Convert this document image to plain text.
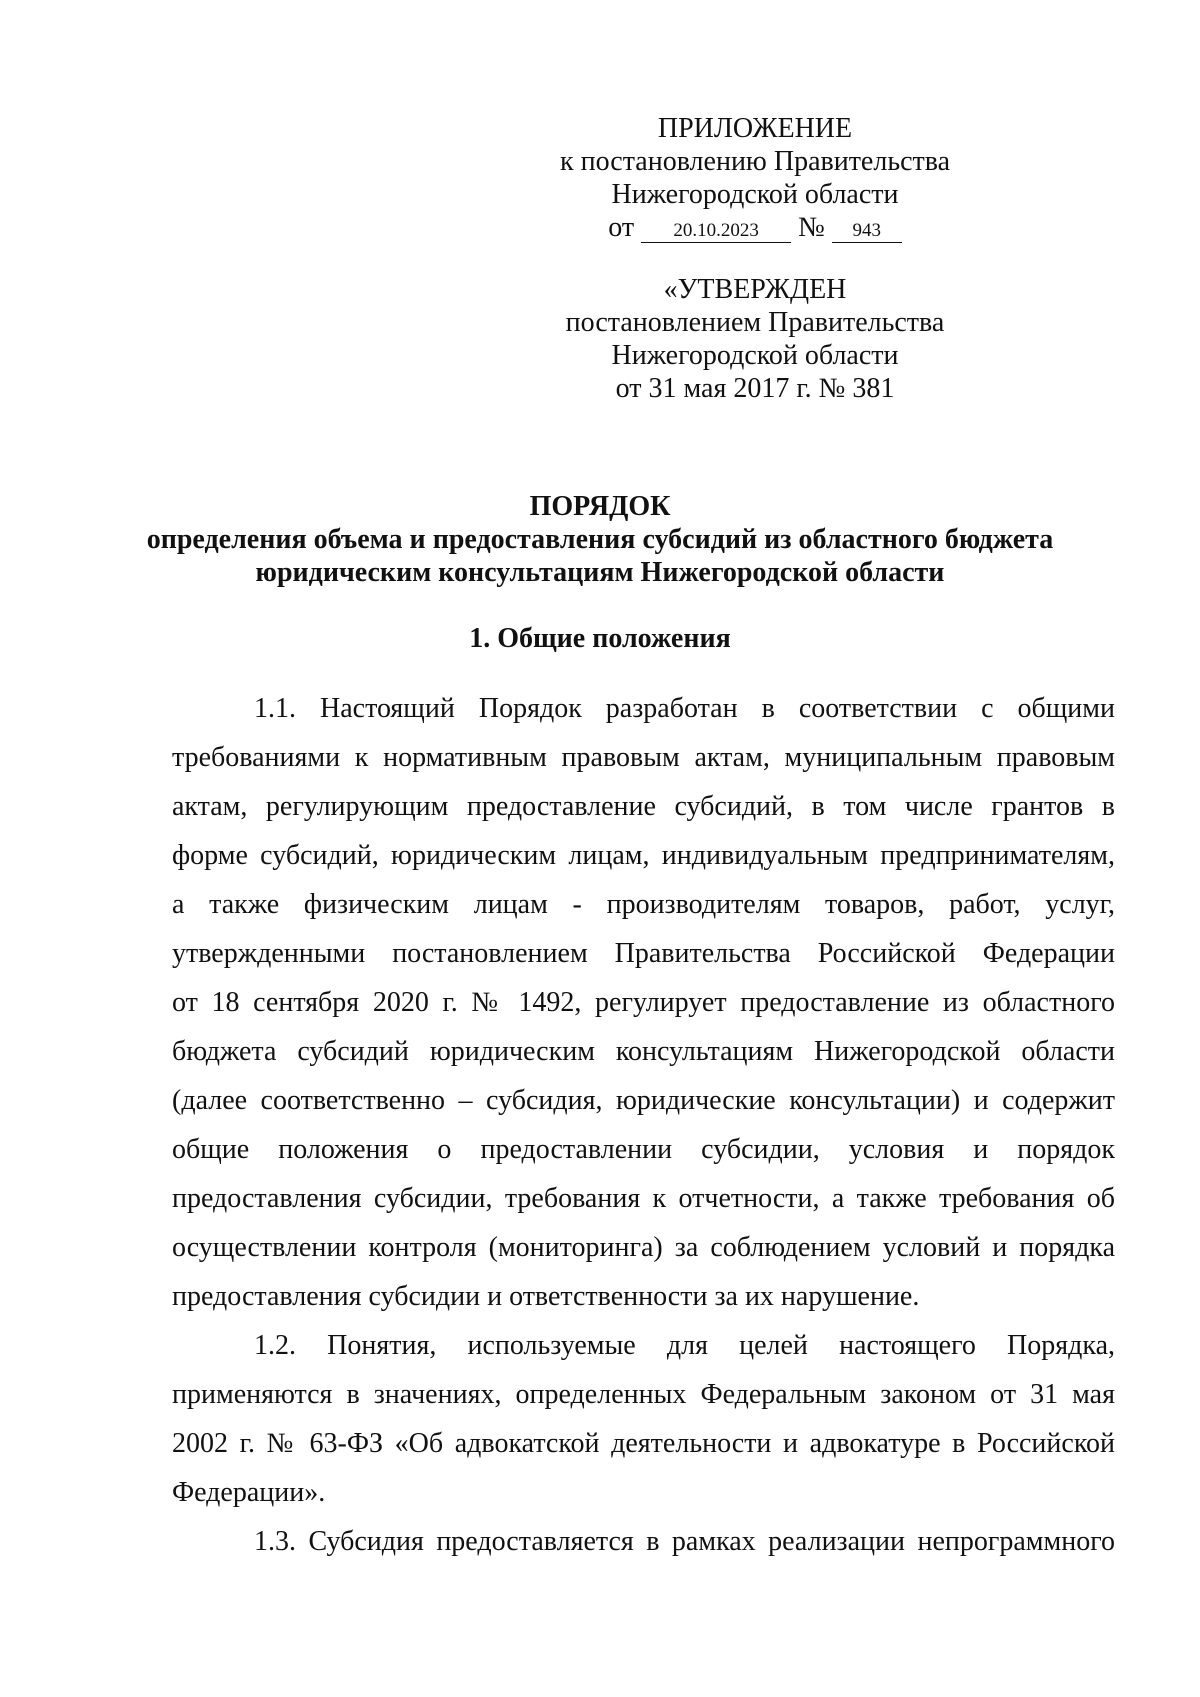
ПРИЛОЖЕНИЕ
к постановлению Правительства
Нижегородской области
от 20.10.2023 № 943
«УТВЕРЖДЕН
постановлением Правительства
Нижегородской области
от 31 мая 2017 г. № 381
ПОРЯДОК
определения объема и предоставления субсидий из областного бюджета
юридическим консультациям Нижегородской области
1. Общие положения
1.1. Настоящий Порядок разработан в соответствии с общими
требованиями к нормативным правовым актам, муниципальным правовым
актам, регулирующим предоставление субсидий, в том числе грантов в
форме субсидий, юридическим лицам, индивидуальным предпринимателям,
а также физическим лицам - производителям товаров, работ, услуг,
утвержденными постановлением Правительства Российской Федерации
от 18 сентября 2020 г. № 1492, регулирует предоставление из областного
бюджета субсидий юридическим консультациям Нижегородской области
(далее соответственно – субсидия, юридические консультации) и содержит
общие положения о предоставлении субсидии, условия и порядок
предоставления субсидии, требования к отчетности, а также требования об
осуществлении контроля (мониторинга) за соблюдением условий и порядка
предоставления субсидии и ответственности за их нарушение.
1.2. Понятия, используемые для целей настоящего Порядка,
применяются в значениях, определенных Федеральным законом от 31 мая
2002 г. № 63-ФЗ «Об адвокатской деятельности и адвокатуре в Российской
Федерации».
1.3. Субсидия предоставляется в рамках реализации непрограммного
